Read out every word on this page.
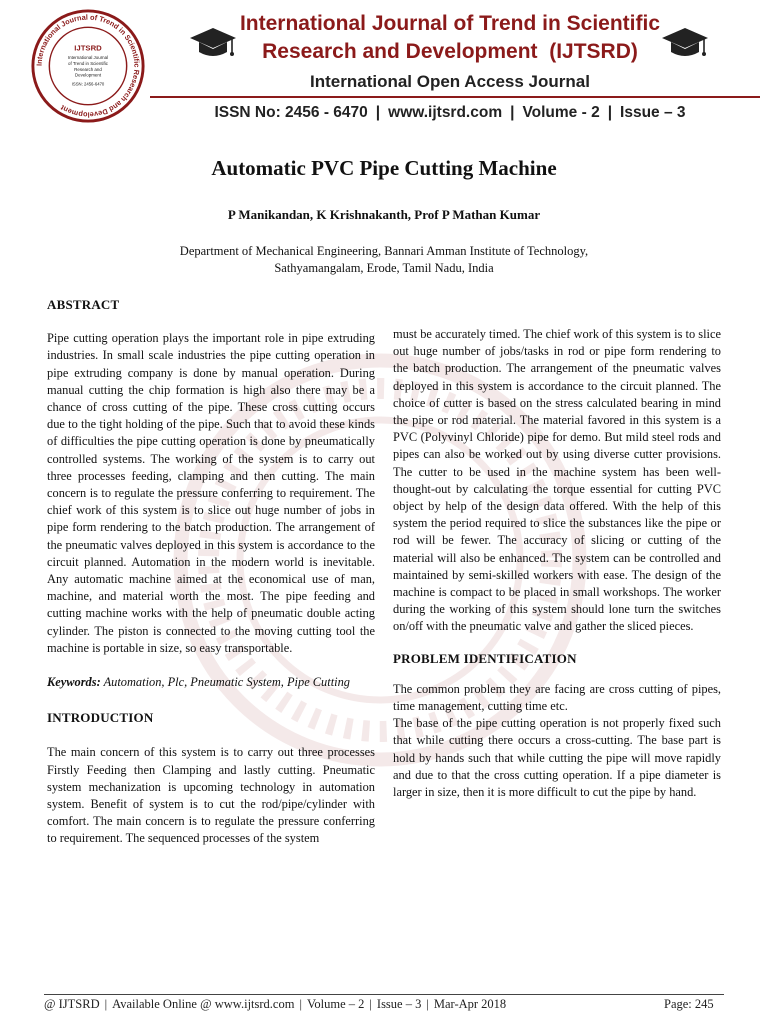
International Journal of Trend in Scientific Research and Development
IJTSRD
International Journal
of Trend in Scientific
Research and
Development
ISSN: 2456-6470
International Journal of Trend in Scientific
Research and Development  (IJTSRD)
International Open Access Journal
ISSN No: 2456 - 6470 | www.ijtsrd.com | Volume - 2 | Issue – 3
Automatic PVC Pipe Cutting Machine
P Manikandan, K Krishnakanth, Prof P Mathan Kumar
Department of Mechanical Engineering, Bannari Amman Institute of Technology,
Sathyamangalam, Erode, Tamil Nadu, India
ABSTRACT

Pipe cutting operation plays the important role in pipe extruding industries. In small scale industries the pipe cutting operation in pipe extruding company is done by manual operation. During manual cutting the chip formation is high also there may be a chance of cross cutting of the pipe. These cross cutting occurs due to the tight holding of the pipe. Such that to avoid these kinds of difficulties the pipe cutting operation is done by pneumatically controlled systems. The working of the system is to carry out three processes feeding, clamping and then cutting. The main concern is to regulate the pressure conferring to requirement. The chief work of this system is to slice out huge number of jobs in pipe form rendering to the batch production. The arrangement of the pneumatic valves deployed in this system is accordance to the circuit planned. Automation in the modern world is inevitable. Any automatic machine aimed at the economical use of man, machine, and material worth the most. The pipe feeding and cutting machine works with the help of pneumatic double acting cylinder. The piston is connected to the moving cutting tool the machine is portable in size, so easy transportable.

Keywords: Automation, Plc, Pneumatic System, Pipe Cutting

INTRODUCTION

The main concern of this system is to carry out three processes Firstly Feeding then Clamping and lastly cutting. Pneumatic system mechanization is upcoming technology in automation system. Benefit of system is to cut the rod/pipe/cylinder with comfort. The main concern is to regulate the pressure conferring to requirement. The sequenced processes of the system

must be accurately timed. The chief work of this system is to slice out huge number of jobs/tasks in rod or pipe form rendering to the batch production. The arrangement of the pneumatic valves deployed in this system is accordance to the circuit planned. The choice of cutter is based on the stress calculated bearing in mind the pipe or rod material. The material favored in this system is a PVC (Polyvinyl Chloride) pipe for demo. But mild steel rods and pipes can also be worked out by using diverse cutter provisions. The cutter to be used in the machine system has been well-thought-out by calculating the torque essential for cutting PVC object by help of the design data offered. With the help of this system the period required to slice the substances like the pipe or rod will be fewer. The accuracy of slicing or cutting of the material will also be enhanced. The system can be controlled and maintained by semi-skilled workers with ease. The design of the machine is compact to be placed in small workshops. The worker during the working of this system should lone turn the switches on/off with the pneumatic valve and gather the sliced pieces.

PROBLEM IDENTIFICATION

The common problem they are facing are cross cutting of pipes, time management, cutting time etc.

The base of the pipe cutting operation is not properly fixed such that while cutting there occurs a cross-cutting. The base part is hold by hands such that while cutting the pipe will move rapidly and due to that the cross cutting operation. If a pipe diameter is larger in size, then it is more difficult to cut the pipe by hand.

@ IJTSRD | Available Online @ www.ijtsrd.com | Volume – 2 | Issue – 3 | Mar-Apr 2018	Page: 245
